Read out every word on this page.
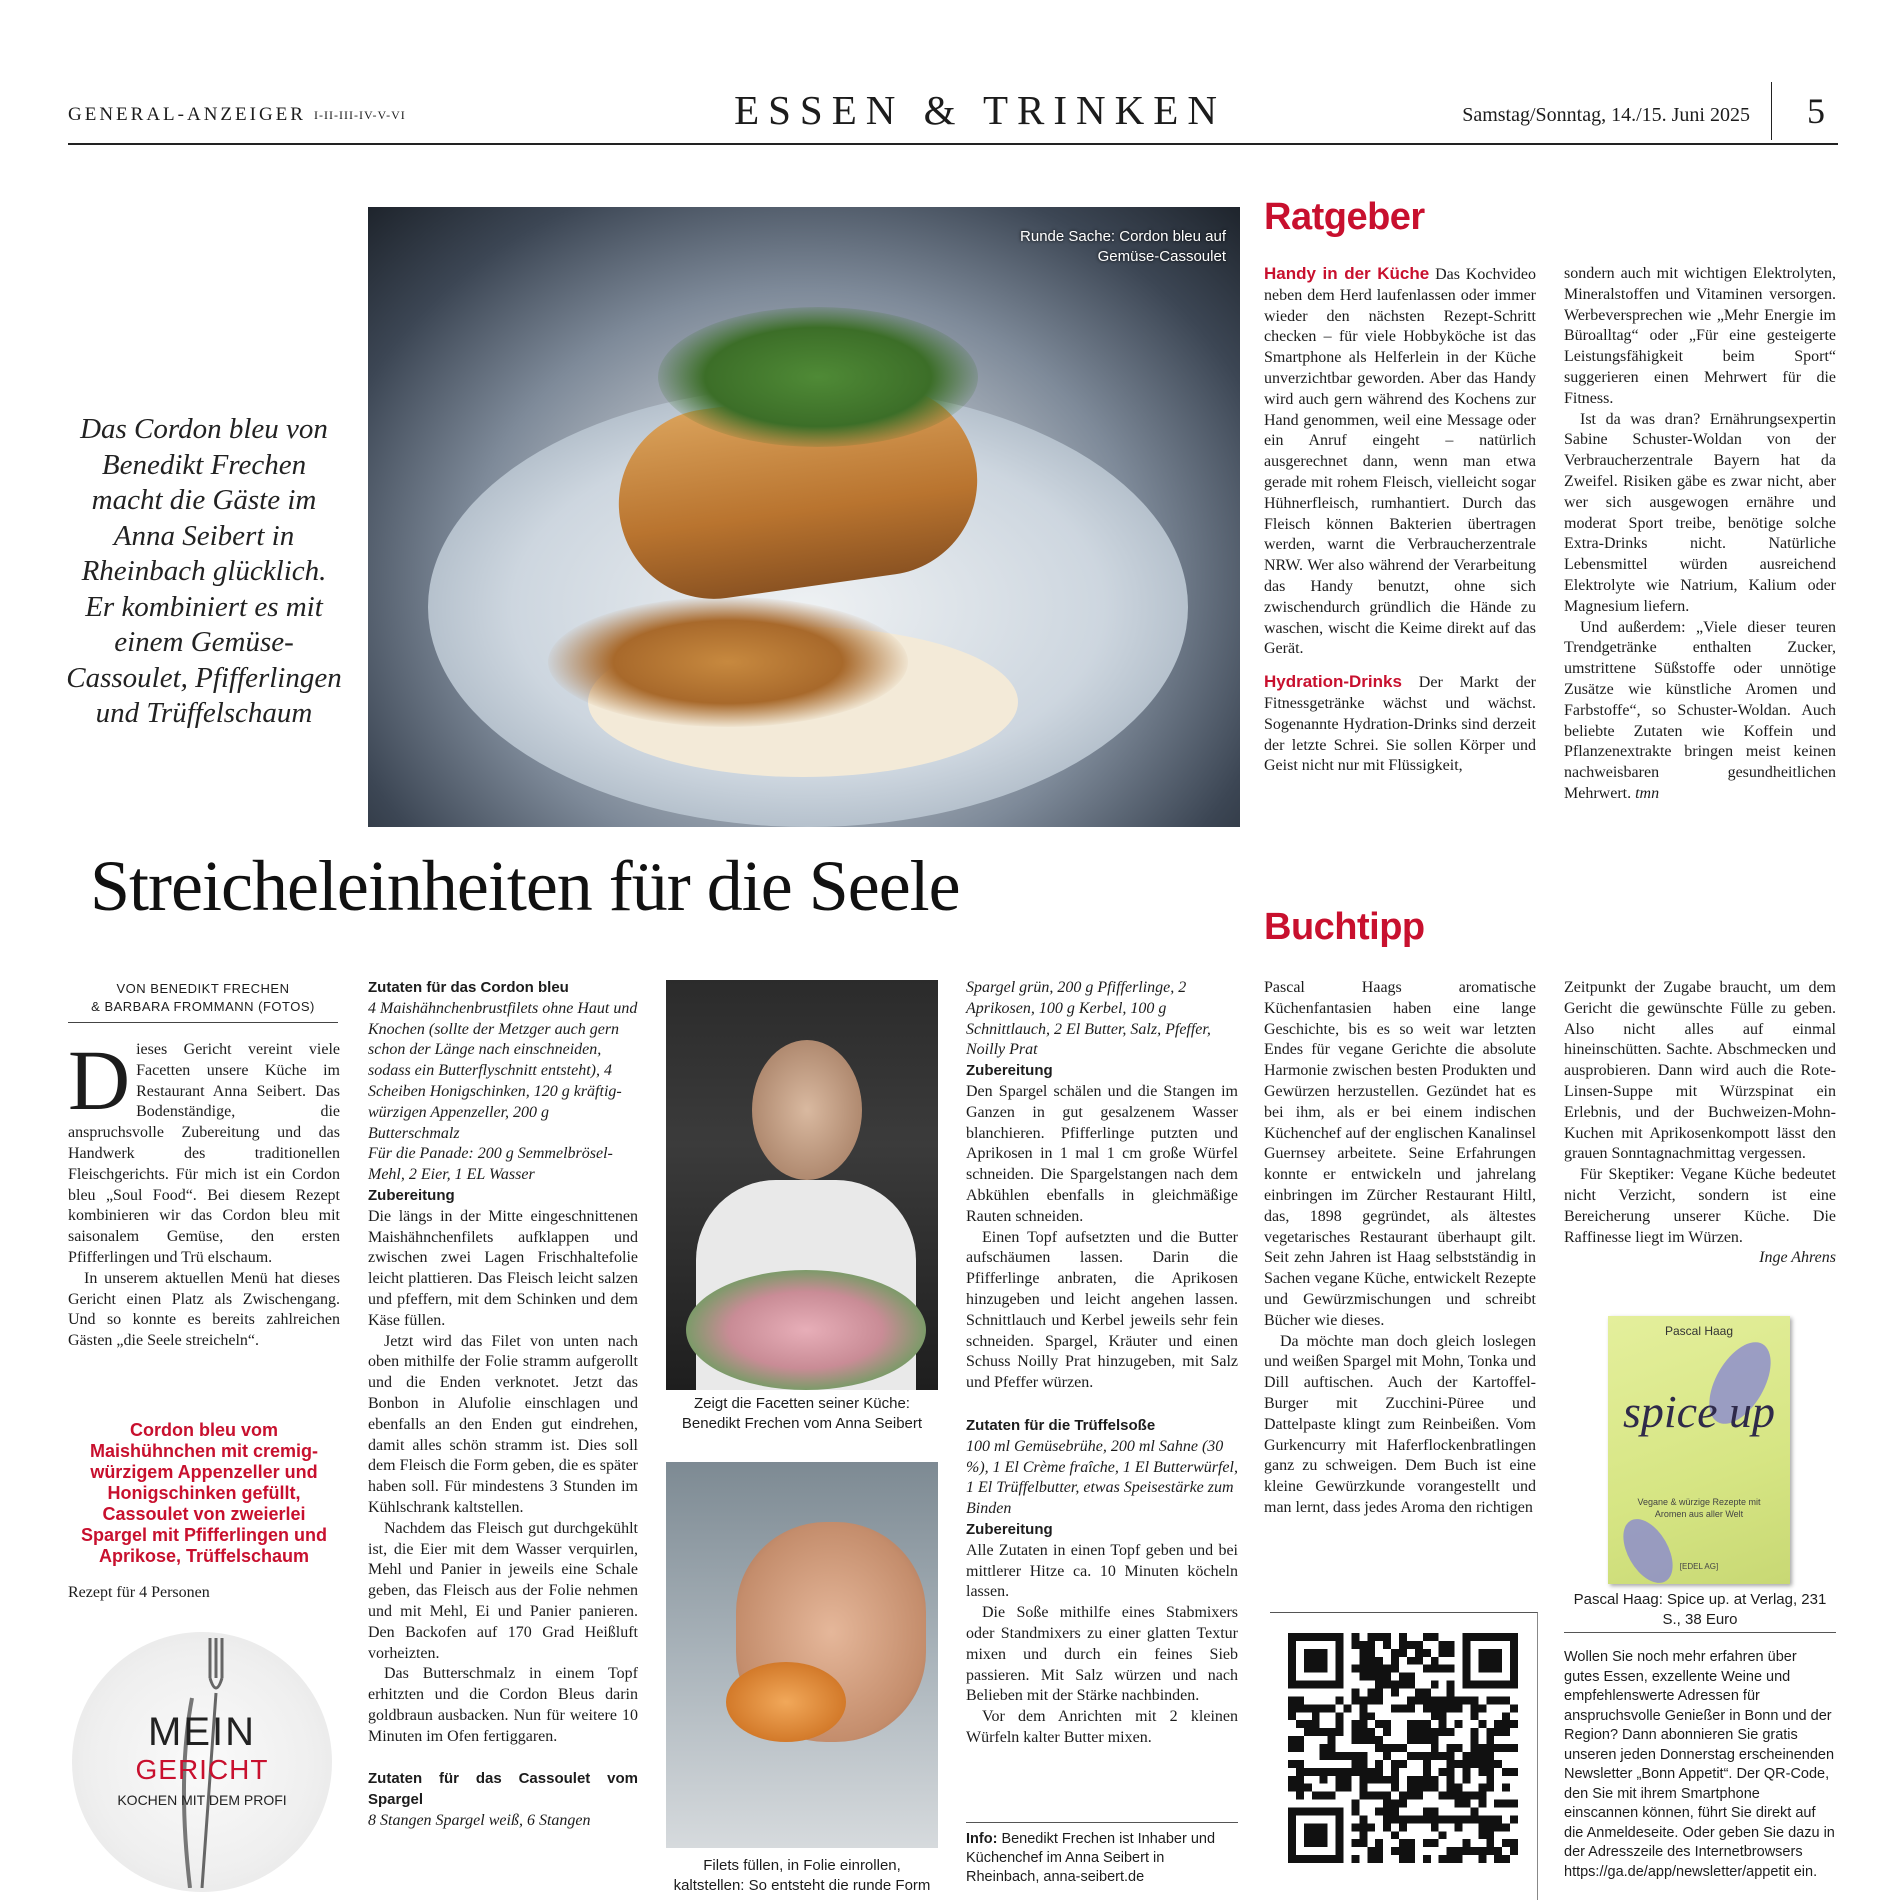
GENERAL-ANZEIGER I-II-III-IV-V-VI	ESSEN & TRINKEN	Samstag/Sonntag, 14./15. Juni 2025	5
Runde Sache: Cordon bleu auf Gemüse-Cassoulet
Das Cordon bleu von Benedikt Frechen macht die Gäste im Anna Seibert in Rheinbach glücklich. Er kombiniert es mit einem Gemüse-Cassoulet, Pfifferlingen und Trüffelschaum
Streicheleinheiten für die Seele
VON BENEDIKT FRECHEN
& BARBARA FROMMANN (FOTOS)

Dieses Gericht vereint viele Facetten unsere Küche im Restaurant Anna Seibert. Das Bodenständige, die anspruchsvolle Zubereitung und das Handwerk des traditionellen Fleischgerichts. Für mich ist ein Cordon bleu „Soul Food“. Bei diesem Rezept kombinieren wir das Cordon bleu mit saisonalem Gemüse, den ersten Pfifferlingen und Trü elschaum.

In unserem aktuellen Menü hat dieses Gericht einen Platz als Zwischengang. Und so konnte es bereits zahlreichen Gästen „die Seele streicheln“.

Cordon bleu vom Maishühnchen mit cremig-würzigem Appenzeller und Honigschinken gefüllt, Cassoulet von zweierlei Spargel mit Pfifferlingen und Aprikose, Trüffelschaum
Rezept für 4 Personen
MEIN
GERICHT
KOCHEN MIT DEM PROFI
Zutaten für das Cordon bleu
4 Maishähnchenbrustfilets ohne Haut und Knochen (sollte der Metzger auch gern schon der Länge nach einschneiden, sodass ein Butterflyschnitt entsteht), 4 Scheiben Honigschinken, 120 g kräftig-würzigen Appenzeller, 200 g Butterschmalz
Für die Panade: 200 g Semmelbrösel-Mehl, 2 Eier, 1 EL Wasser
Zubereitung

Die längs in der Mitte eingeschnittenen Maishähnchenfilets aufklappen und zwischen zwei Lagen Frischhaltefolie leicht plattieren. Das Fleisch leicht salzen und pfeffern, mit dem Schinken und dem Käse füllen.

Jetzt wird das Filet von unten nach oben mithilfe der Folie stramm aufgerollt und die Enden verknotet. Jetzt das Bonbon in Alufolie einschlagen und ebenfalls an den Enden gut eindrehen, damit alles schön stramm ist. Dies soll dem Fleisch die Form geben, die es später haben soll. Für mindestens 3 Stunden im Kühlschrank kaltstellen.

Nachdem das Fleisch gut durchgekühlt ist, die Eier mit dem Wasser verquirlen, Mehl und Panier in jeweils eine Schale geben, das Fleisch aus der Folie nehmen und mit Mehl, Ei und Panier panieren. Den Backofen auf 170 Grad Heißluft vorheizten.

Das Butterschmalz in einem Topf erhitzten und die Cordon Bleus darin goldbraun ausbacken. Nun für weitere 10 Minuten im Ofen fertiggaren.

Zutaten für das Cassoulet vom Spargel
8 Stangen Spargel weiß, 6 Stangen
Zeigt die Facetten seiner Küche: Benedikt Frechen vom Anna Seibert
Filets füllen, in Folie einrollen, kaltstellen: So entsteht die runde Form
Spargel grün, 200 g Pfifferlinge, 2 Aprikosen, 100 g Kerbel, 100 g Schnittlauch, 2 El Butter, Salz, Pfeffer, Noilly Prat
Zubereitung

Den Spargel schälen und die Stangen im Ganzen in gut gesalzenem Wasser blanchieren. Pfifferlinge putzten und Aprikosen in 1 mal 1 cm große Würfel schneiden. Die Spargelstangen nach dem Abkühlen ebenfalls in gleichmäßige Rauten schneiden.

Einen Topf aufsetzten und die Butter aufschäumen lassen. Darin die Pfifferlinge anbraten, die Aprikosen hinzugeben und leicht angehen lassen. Schnittlauch und Kerbel jeweils sehr fein schneiden. Spargel, Kräuter und einen Schuss Noilly Prat hinzugeben, mit Salz und Pfeffer würzen.

Zutaten für die Trüffelsoße
100 ml Gemüsebrühe, 200 ml Sahne (30 %), 1 El Crème fraîche, 1 El Butterwürfel, 1 El Trüffelbutter, etwas Speisestärke zum Binden
Zubereitung

Alle Zutaten in einen Topf geben und bei mittlerer Hitze ca. 10 Minuten köcheln lassen.

Die Soße mithilfe eines Stabmixers oder Standmixers zu einer glatten Textur mixen und durch ein feines Sieb passieren. Mit Salz würzen und nach Belieben mit der Stärke nachbinden.

Vor dem Anrichten mit 2 kleinen Würfeln kalter Butter mixen.

Info: Benedikt Frechen ist Inhaber und Küchenchef im Anna Seibert in Rheinbach, anna-seibert.de
Ratgeber

Handy in der Küche Das Kochvideo neben dem Herd laufenlassen oder immer wieder den nächsten Rezept-Schritt checken – für viele Hobbyköche ist das Smartphone als Helferlein in der Küche unverzichtbar geworden. Aber das Handy wird auch gern während des Kochens zur Hand genommen, weil eine Message oder ein Anruf eingeht – natürlich ausgerechnet dann, wenn man etwa gerade mit rohem Fleisch, vielleicht sogar Hühnerfleisch, rumhantiert. Durch das Fleisch können Bakterien übertragen werden, warnt die Verbraucherzentrale NRW. Wer also während der Verarbeitung das Handy benutzt, ohne sich zwischendurch gründlich die Hände zu waschen, wischt die Keime direkt auf das Gerät.

Hydration-Drinks Der Markt der Fitnessgetränke wächst und wächst. Sogenannte Hydration-Drinks sind derzeit der letzte Schrei. Sie sollen Körper und Geist nicht nur mit Flüssigkeit,

sondern auch mit wichtigen Elektrolyten, Mineralstoffen und Vitaminen versorgen. Werbeversprechen wie „Mehr Energie im Büroalltag“ oder „Für eine gesteigerte Leistungsfähigkeit beim Sport“ suggerieren einen Mehrwert für die Fitness.

Ist da was dran? Ernährungsexpertin Sabine Schuster-Woldan von der Verbraucherzentrale Bayern hat da Zweifel. Risiken gäbe es zwar nicht, aber wer sich ausgewogen ernähre und moderat Sport treibe, benötige solche Extra-Drinks nicht. Natürliche Lebensmittel würden ausreichend Elektrolyte wie Natrium, Kalium oder Magnesium liefern.

Und außerdem: „Viele dieser teuren Trendgetränke enthalten Zucker, umstrittene Süßstoffe oder unnötige Zusätze wie künstliche Aromen und Farbstoffe“, so Schuster-Woldan. Auch beliebte Zutaten wie Koffein und Pflanzenextrakte bringen meist keinen nachweisbaren gesundheitlichen Mehrwert. tmn

Buchtipp

Pascal Haags aromatische Küchenfantasien haben eine lange Geschichte, bis es so weit war letzten Endes für vegane Gerichte die absolute Harmonie zwischen besten Produkten und Gewürzen herzustellen. Gezündet hat es bei ihm, als er bei einem indischen Küchenchef auf der englischen Kanalinsel Guernsey arbeitete. Seine Erfahrungen konnte er entwickeln und jahrelang einbringen im Zürcher Restaurant Hiltl, das, 1898 gegründet, als ältestes vegetarisches Restaurant überhaupt gilt. Seit zehn Jahren ist Haag selbstständig in Sachen vegane Küche, entwickelt Rezepte und Gewürzmischungen und schreibt Bücher wie dieses.

Da möchte man doch gleich loslegen und weißen Spargel mit Mohn, Tonka und Dill auftischen. Auch der Kartoffel-Burger mit Zucchini-Püree und Dattelpaste klingt zum Reinbeißen. Vom Gurkencurry mit Haferflockenbratlingen ganz zu schweigen. Dem Buch ist eine kleine Gewürzkunde vorangestellt und man lernt, dass jedes Aroma den richtigen

Zeitpunkt der Zugabe braucht, um dem Gericht die gewünschte Fülle zu geben. Also nicht alles auf einmal hineinschütten. Sachte. Abschmecken und ausprobieren. Dann wird auch die Rote-Linsen-Suppe mit Würzspinat ein Erlebnis, und der Buchweizen-Mohn-Kuchen mit Aprikosenkompott lässt den grauen Sonntagnachmittag vergessen.

Für Skeptiker: Vegane Küche bedeutet nicht Verzicht, sondern ist eine Bereicherung unserer Küche. Die Raffinesse liegt im Würzen.

Inge Ahrens
Pascal Haag
spice up
Vegane & würzige Rezepte mit Aromen aus aller Welt
[EDEL AG]
Pascal Haag: Spice up. at Verlag, 231 S., 38 Euro
Wollen Sie noch mehr erfahren über gutes Essen, exzellente Weine und empfehlenswerte Adressen für anspruchsvolle Genießer in Bonn und der Region? Dann abonnieren Sie gratis unseren jeden Donnerstag erscheinenden Newsletter „Bonn Appetit“. Der QR-Code, den Sie mit ihrem Smartphone einscannen können, führt Sie direkt auf die Anmeldeseite. Oder geben Sie dazu in der Adresszeile des Internetbrowsers https://ga.de/app/newsletter/appetit ein.
